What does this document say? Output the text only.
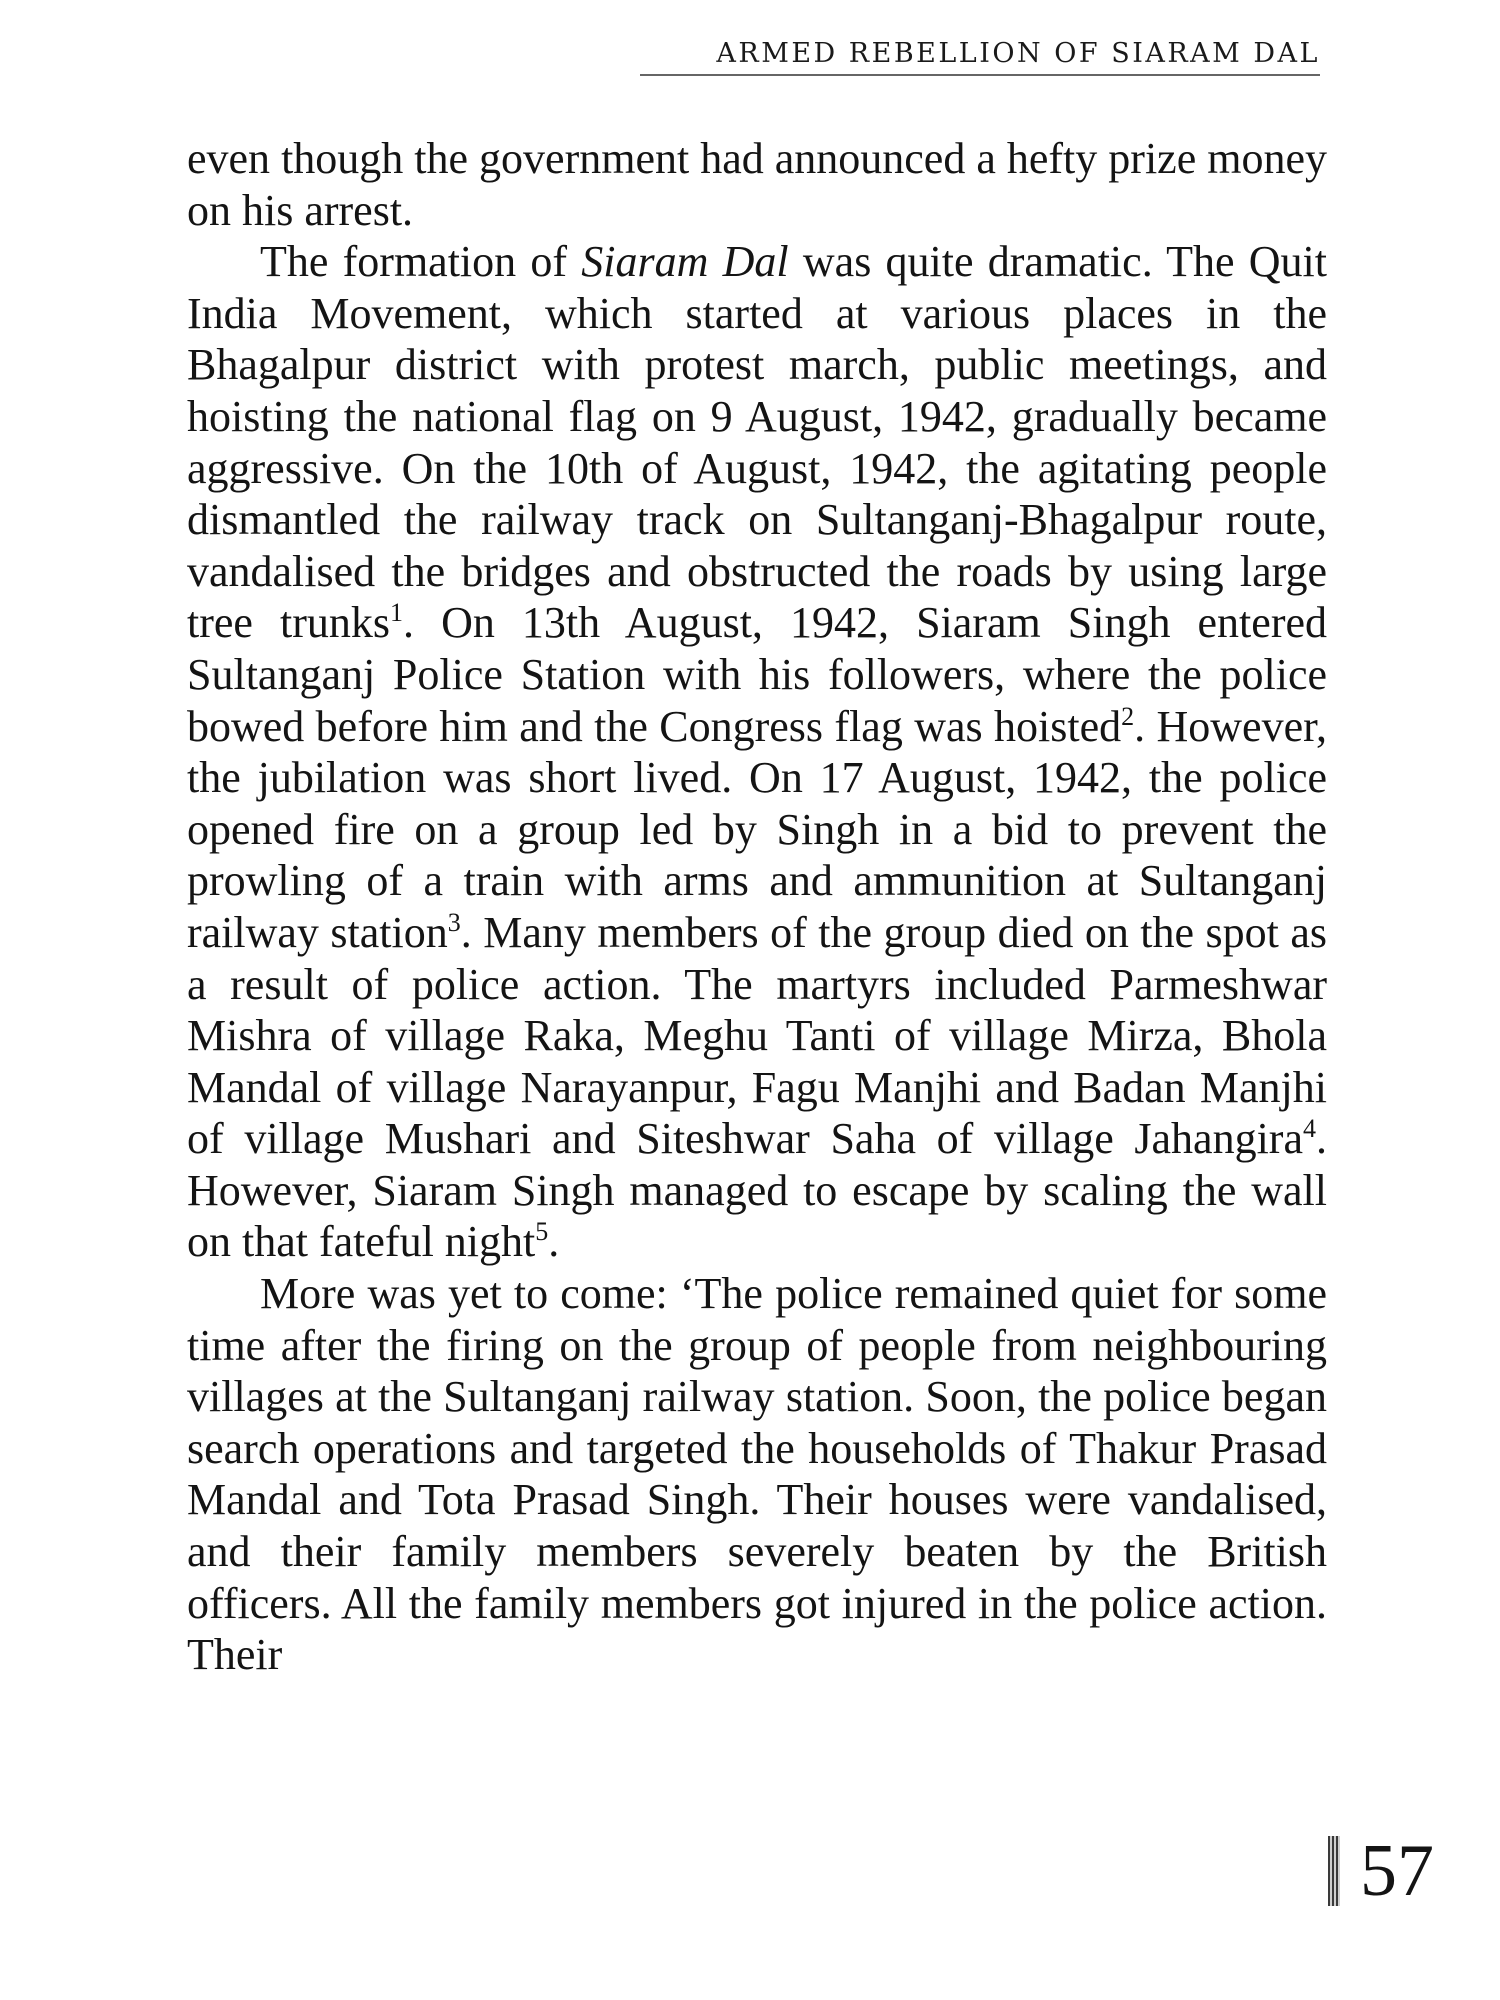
ARMED REBELLION OF SIARAM DAL

even though the government had announced a hefty prize money on his arrest.

The formation of Siaram Dal was quite dramatic. The Quit India Movement, which started at various places in the Bhagalpur district with protest march, public meetings, and hoisting the national flag on 9 August, 1942, gradually became aggressive. On the 10th of August, 1942, the agitating people dismantled the railway track on Sultanganj-Bhagalpur route, vandalised the bridges and obstructed the roads by using large tree trunks$^1$. On 13th August, 1942, Siaram Singh entered Sultanganj Police Station with his followers, where the police bowed before him and the Congress flag was hoisted$^2$. However, the jubilation was short lived. On 17 August, 1942, the police opened fire on a group led by Singh in a bid to prevent the prowling of a train with arms and ammunition at Sultanganj railway station$^3$. Many members of the group died on the spot as a result of police action. The martyrs included Parmeshwar Mishra of village Raka, Meghu Tanti of village Mirza, Bhola Mandal of village Narayanpur, Fagu Manjhi and Badan Manjhi of village Mushari and Siteshwar Saha of village Jahangira$^4$. However, Siaram Singh managed to escape by scaling the wall on that fateful night$^5$.

More was yet to come: ‘The police remained quiet for some time after the firing on the group of people from neighbouring villages at the Sultanganj railway station. Soon, the police began search operations and targeted the households of Thakur Prasad Mandal and Tota Prasad Singh. Their houses were vandalised, and their family members severely beaten by the British officers. All the family members got injured in the police action. Their

57
